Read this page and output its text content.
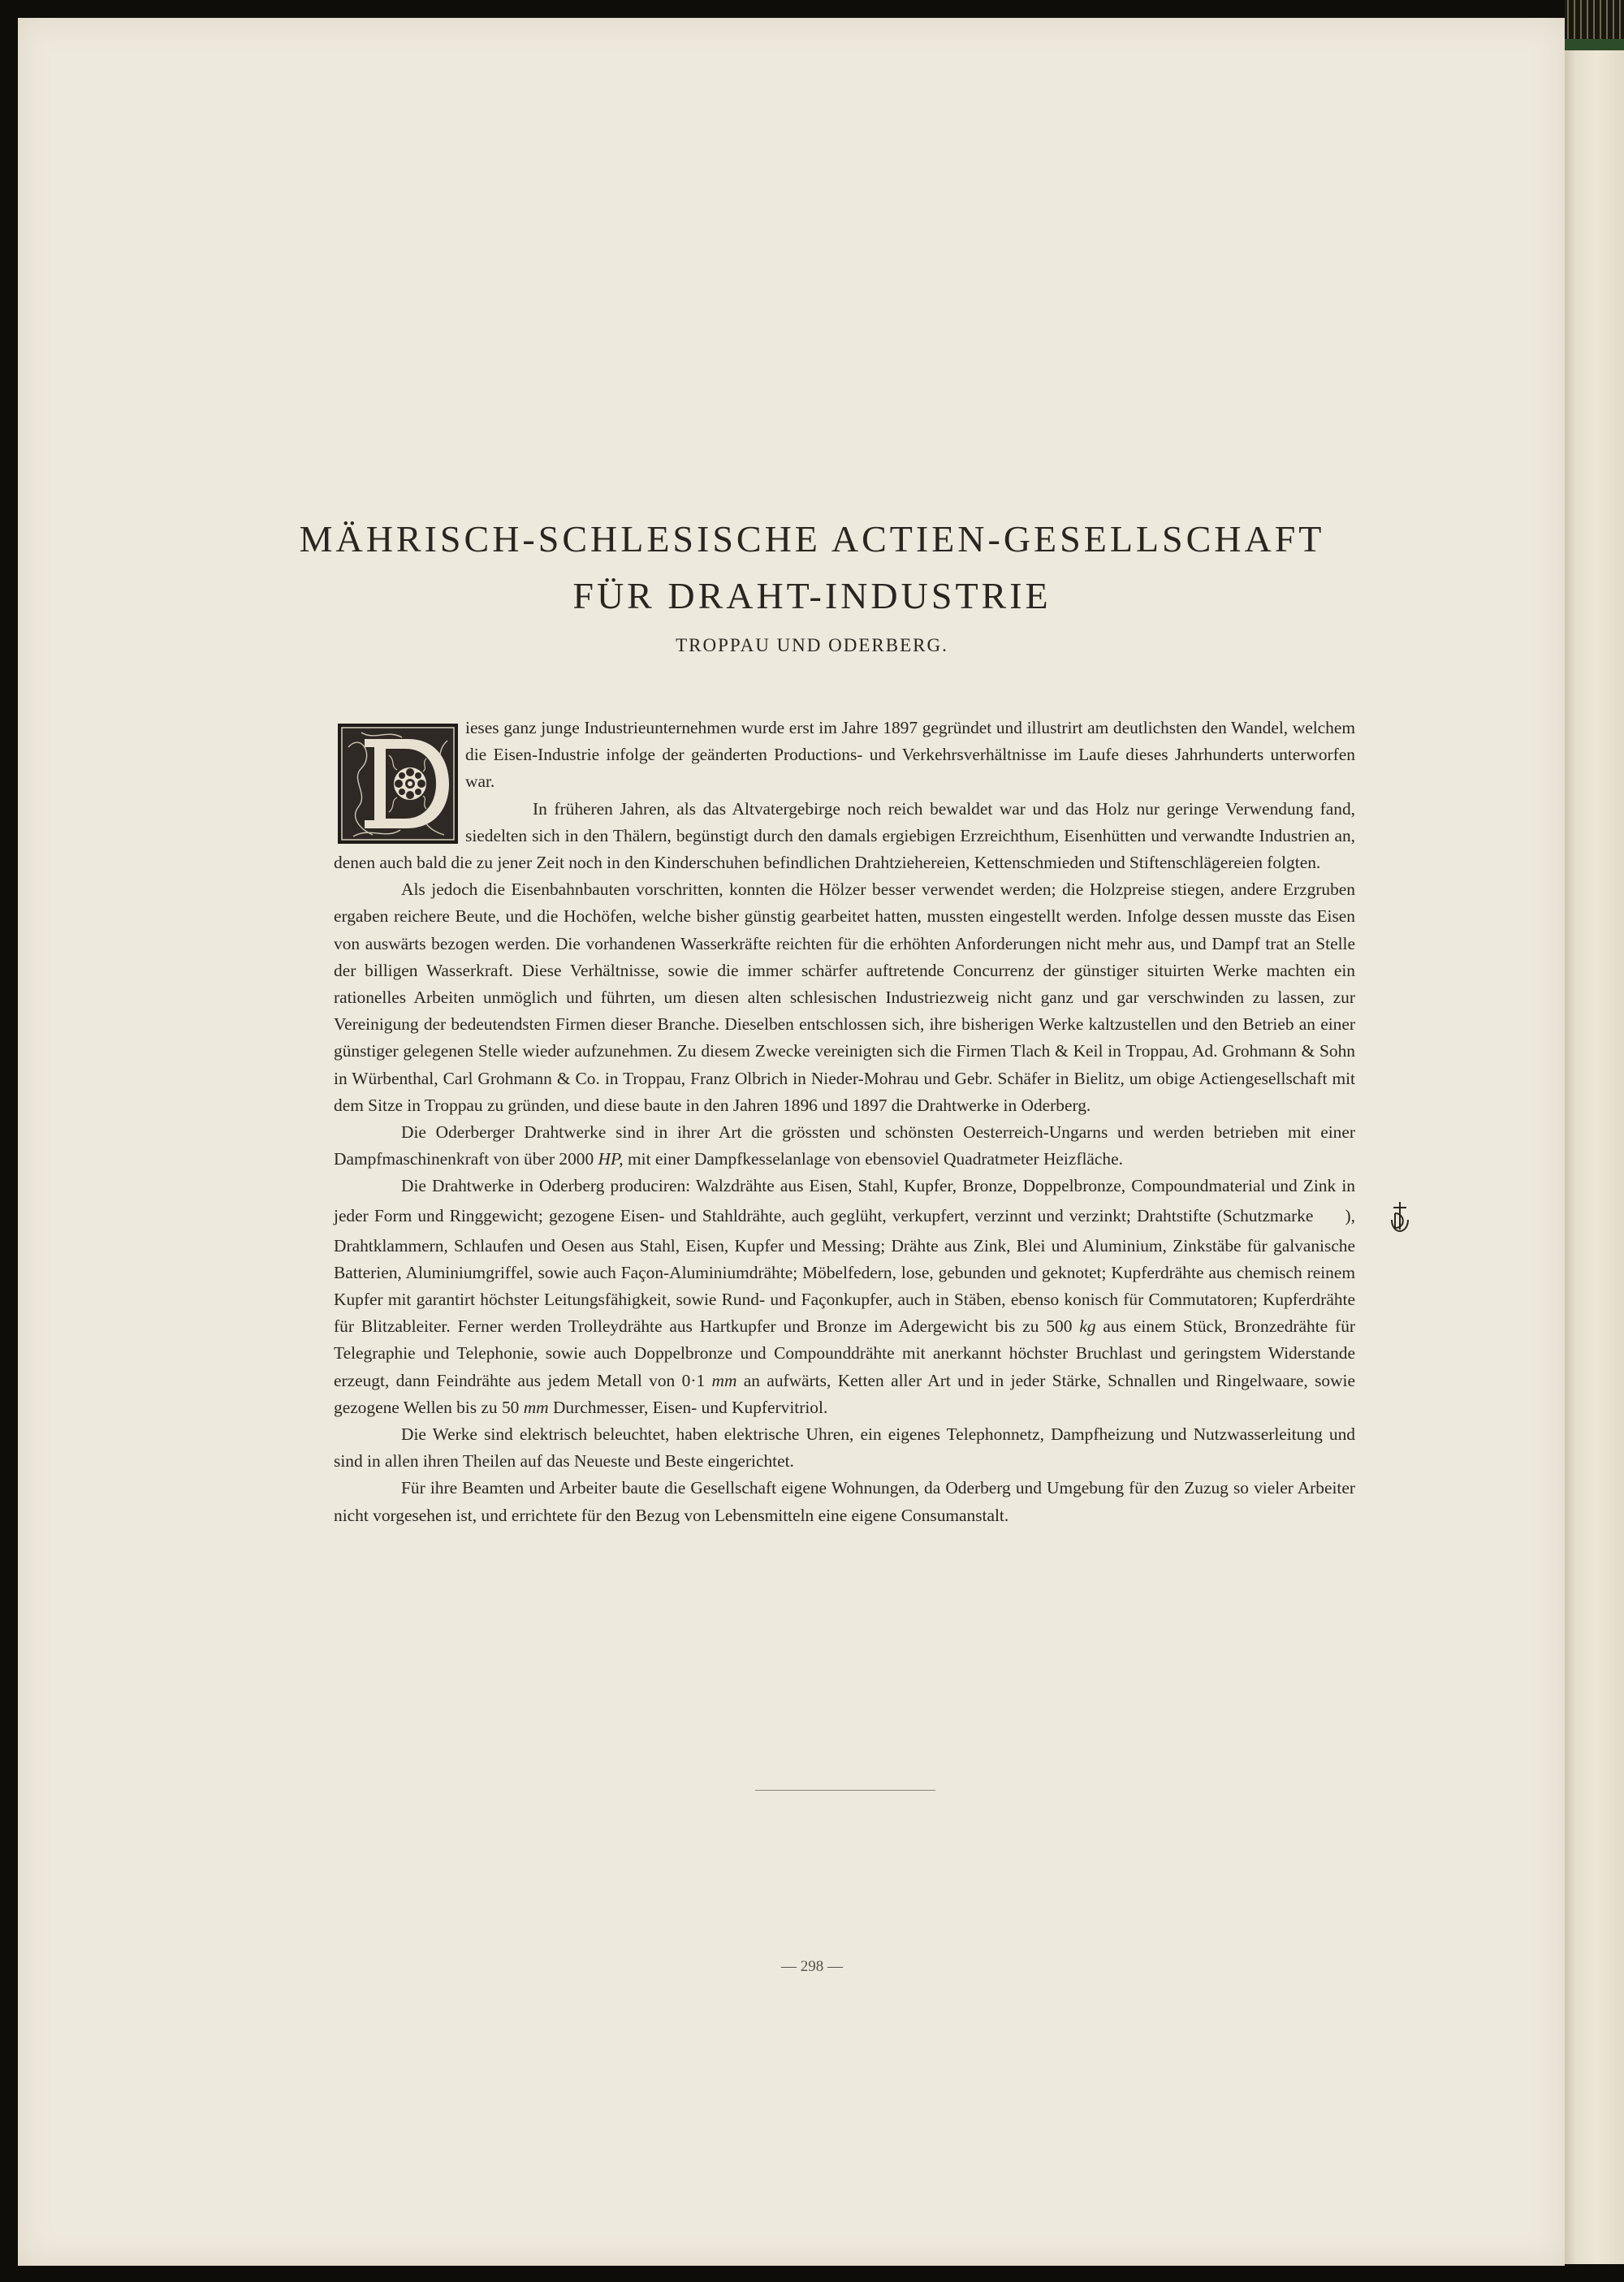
MÄHRISCH-SCHLESISCHE ACTIEN-GESELLSCHAFT
FÜR DRAHT-INDUSTRIE
TROPPAU UND ODERBERG.

ieses ganz junge Industrieunternehmen wurde erst im Jahre 1897 gegründet und illustrirt am deutlichsten den Wandel, welchem die Eisen-Industrie infolge der geänderten Productions- und Verkehrsverhältnisse im Laufe dieses Jahrhunderts unterworfen war.

In früheren Jahren, als das Altvatergebirge noch reich bewaldet war und das Holz nur geringe Verwendung fand, siedelten sich in den Thälern, begünstigt durch den damals ergiebigen Erzreichthum, Eisenhütten und verwandte Industrien an, denen auch bald die zu jener Zeit noch in den Kinderschuhen befindlichen Drahtziehereien, Kettenschmieden und Stiftenschlägereien folgten.

Als jedoch die Eisenbahnbauten vorschritten, konnten die Hölzer besser verwendet werden; die Holzpreise stiegen, andere Erzgruben ergaben reichere Beute, und die Hochöfen, welche bisher günstig gearbeitet hatten, mussten eingestellt werden. Infolge dessen musste das Eisen von auswärts bezogen werden. Die vorhandenen Wasserkräfte reichten für die erhöhten Anforderungen nicht mehr aus, und Dampf trat an Stelle der billigen Wasserkraft. Diese Verhältnisse, sowie die immer schärfer auftretende Concurrenz der günstiger situirten Werke machten ein rationelles Arbeiten unmöglich und führten, um diesen alten schlesischen Industriezweig nicht ganz und gar verschwinden zu lassen, zur Vereinigung der bedeutendsten Firmen dieser Branche. Dieselben entschlossen sich, ihre bisherigen Werke kaltzustellen und den Betrieb an einer günstiger gelegenen Stelle wieder aufzunehmen. Zu diesem Zwecke vereinigten sich die Firmen Tlach & Keil in Troppau, Ad. Grohmann & Sohn in Würbenthal, Carl Grohmann & Co. in Troppau, Franz Olbrich in Nieder-Mohrau und Gebr. Schäfer in Bielitz, um obige Actiengesellschaft mit dem Sitze in Troppau zu gründen, und diese baute in den Jahren 1896 und 1897 die Drahtwerke in Oderberg.

Die Oderberger Drahtwerke sind in ihrer Art die grössten und schönsten Oesterreich-Ungarns und werden betrieben mit einer Dampfmaschinenkraft von über 2000 HP, mit einer Dampfkesselanlage von ebensoviel Quadratmeter Heizfläche.

Die Drahtwerke in Oderberg produciren: Walzdrähte aus Eisen, Stahl, Kupfer, Bronze, Doppelbronze, Compoundmaterial und Zink in jeder Form und Ringgewicht; gezogene Eisen- und Stahldrähte, auch geglüht, verkupfert, verzinnt und verzinkt; Drahtstifte (Schutzmarke ), Drahtklammern, Schlaufen und Oesen aus Stahl, Eisen, Kupfer und Messing; Drähte aus Zink, Blei und Aluminium, Zinkstäbe für galvanische Batterien, Aluminiumgriffel, sowie auch Façon-Aluminiumdrähte; Möbelfedern, lose, gebunden und geknotet; Kupferdrähte aus chemisch reinem Kupfer mit garantirt höchster Leitungsfähigkeit, sowie Rund- und Façonkupfer, auch in Stäben, ebenso konisch für Commutatoren; Kupferdrähte für Blitzableiter. Ferner werden Trolleydrähte aus Hartkupfer und Bronze im Adergewicht bis zu 500 kg aus einem Stück, Bronzedrähte für Telegraphie und Telephonie, sowie auch Doppelbronze und Compounddrähte mit anerkannt höchster Bruchlast und geringstem Widerstande erzeugt, dann Feindrähte aus jedem Metall von 0·1 mm an aufwärts, Ketten aller Art und in jeder Stärke, Schnallen und Ringelwaare, sowie gezogene Wellen bis zu 50 mm Durchmesser, Eisen- und Kupfervitriol.

Die Werke sind elektrisch beleuchtet, haben elektrische Uhren, ein eigenes Telephonnetz, Dampfheizung und Nutzwasserleitung und sind in allen ihren Theilen auf das Neueste und Beste eingerichtet.

Für ihre Beamten und Arbeiter baute die Gesellschaft eigene Wohnungen, da Oderberg und Umgebung für den Zuzug so vieler Arbeiter nicht vorgesehen ist, und errichtete für den Bezug von Lebensmitteln eine eigene Consumanstalt.

— 298 —
